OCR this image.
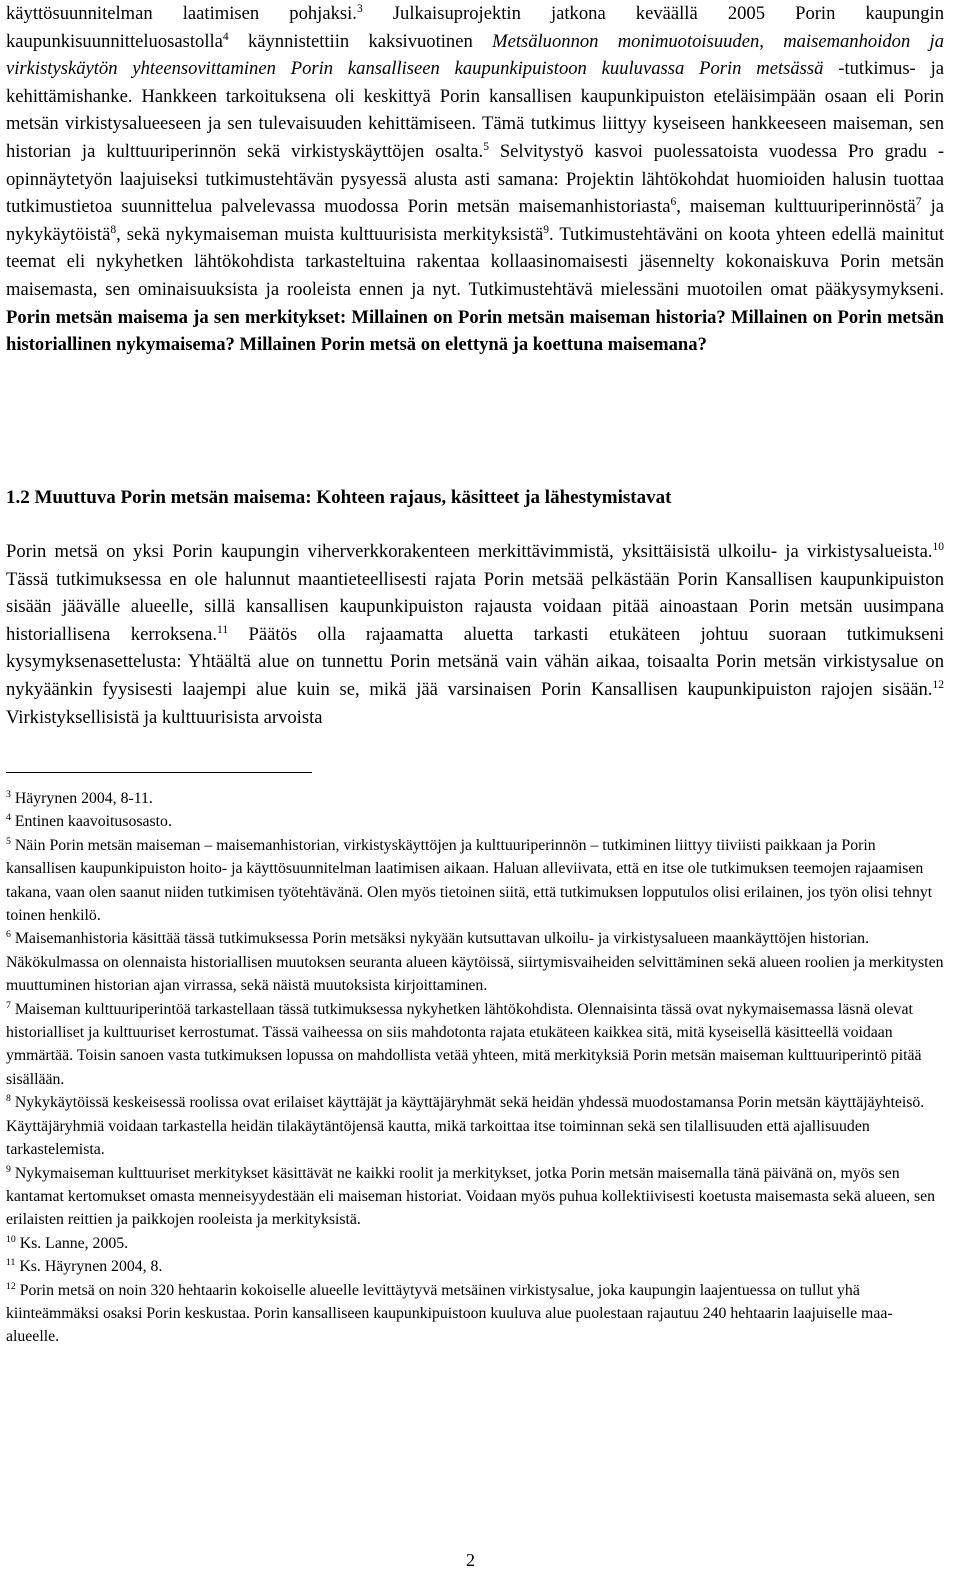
käyttösuunnitelman laatimisen pohjaksi.$^3$ Julkaisuprojektin jatkona keväällä 2005 Porin kaupungin kaupunkisuunnitteluosastolla$^4$ käynnistettiin kaksivuotinen Metsäluonnon monimuotoisuuden, maisemanhoidon ja virkistyskäytön yhteensovittaminen Porin kansalliseen kaupunkipuistoon kuuluvassa Porin metsässä -tutkimus- ja kehittämishanke. Hankkeen tarkoituksena oli keskittyä Porin kansallisen kaupunkipuiston eteläisimpään osaan eli Porin metsän virkistysalueeseen ja sen tulevaisuuden kehittämiseen. Tämä tutkimus liittyy kyseiseen hankkeeseen maiseman, sen historian ja kulttuuriperinnön sekä virkistyskäyttöjen osalta.$^5$ Selvitystyö kasvoi puolessatoista vuodessa Pro gradu -opinnäytetyön laajuiseksi tutkimustehtävän pysyessä alusta asti samana: Projektin lähtökohdat huomioiden halusin tuottaa tutkimustietoa suunnittelua palvelevassa muodossa Porin metsän maisemanhistoriasta$^6$, maiseman kulttuuriperinnöstä$^7$ ja nykykäytöistä$^8$, sekä nykymaiseman muista kulttuurisista merkityksistä$^9$. Tutkimustehtäväni on koota yhteen edellä mainitut teemat eli nykyhetken lähtökohdista tarkasteltuina rakentaa kollaasinomaisesti jäsennelty kokonaiskuva Porin metsän maisemasta, sen ominaisuuksista ja rooleista ennen ja nyt. Tutkimustehtävä mielessäni muotoilen omat pääkysymykseni. Porin metsän maisema ja sen merkitykset: Millainen on Porin metsän maiseman historia? Millainen on Porin metsän historiallinen nykymaisema? Millainen Porin metsä on elettynä ja koettuna maisemana?

1.2 Muuttuva Porin metsän maisema: Kohteen rajaus, käsitteet ja lähestymistavat

Porin metsä on yksi Porin kaupungin viherverkkorakenteen merkittävimmistä, yksittäisistä ulkoilu- ja virkistysalueista.$^{10}$ Tässä tutkimuksessa en ole halunnut maantieteellisesti rajata Porin metsää pelkästään Porin Kansallisen kaupunkipuiston sisään jäävälle alueelle, sillä kansallisen kaupunkipuiston rajausta voidaan pitää ainoastaan Porin metsän uusimpana historiallisena kerroksena.$^{11}$ Päätös olla rajaamatta aluetta tarkasti etukäteen johtuu suoraan tutkimukseni kysymyksenasettelusta: Yhtäältä alue on tunnettu Porin metsänä vain vähän aikaa, toisaalta Porin metsän virkistysalue on nykyäänkin fyysisesti laajempi alue kuin se, mikä jää varsinaisen Porin Kansallisen kaupunkipuiston rajojen sisään.$^{12}$ Virkistyksellisistä ja kulttuurisista arvoista

$^3$ Häyrynen 2004, 8-11.

$^4$ Entinen kaavoitusosasto.

$^5$ Näin Porin metsän maiseman – maisemanhistorian, virkistyskäyttöjen ja kulttuuriperinnön – tutkiminen liittyy tiiviisti paikkaan ja Porin kansallisen kaupunkipuiston hoito- ja käyttösuunnitelman laatimisen aikaan. Haluan alleviivata, että en itse ole tutkimuksen teemojen rajaamisen takana, vaan olen saanut niiden tutkimisen työtehtävänä. Olen myös tietoinen siitä, että tutkimuksen lopputulos olisi erilainen, jos työn olisi tehnyt toinen henkilö.

$^6$ Maisemanhistoria käsittää tässä tutkimuksessa Porin metsäksi nykyään kutsuttavan ulkoilu- ja virkistysalueen maankäyttöjen historian. Näkökulmassa on olennaista historiallisen muutoksen seuranta alueen käytöissä, siirtymisvaiheiden selvittäminen sekä alueen roolien ja merkitysten muuttuminen historian ajan virrassa, sekä näistä muutoksista kirjoittaminen.

$^7$ Maiseman kulttuuriperintöä tarkastellaan tässä tutkimuksessa nykyhetken lähtökohdista. Olennaisinta tässä ovat nykymaisemassa läsnä olevat historialliset ja kulttuuriset kerrostumat. Tässä vaiheessa on siis mahdotonta rajata etukäteen kaikkea sitä, mitä kyseisellä käsitteellä voidaan ymmärtää. Toisin sanoen vasta tutkimuksen lopussa on mahdollista vetää yhteen, mitä merkityksiä Porin metsän maiseman kulttuuriperintö pitää sisällään.

$^8$ Nykykäytöissä keskeisessä roolissa ovat erilaiset käyttäjät ja käyttäjäryhmät sekä heidän yhdessä muodostamansa Porin metsän käyttäjäyhteisö. Käyttäjäryhmiä voidaan tarkastella heidän tilakäytäntöjensä kautta, mikä tarkoittaa itse toiminnan sekä sen tilallisuuden että ajallisuuden tarkastelemista.

$^9$ Nykymaiseman kulttuuriset merkitykset käsittävät ne kaikki roolit ja merkitykset, jotka Porin metsän maisemalla tänä päivänä on, myös sen kantamat kertomukset omasta menneisyydestään eli maiseman historiat. Voidaan myös puhua kollektiivisesti koetusta maisemasta sekä alueen, sen erilaisten reittien ja paikkojen rooleista ja merkityksistä.

$^{10}$ Ks. Lanne, 2005.

$^{11}$ Ks. Häyrynen 2004, 8.

$^{12}$ Porin metsä on noin 320 hehtaarin kokoiselle alueelle levittäytyvä metsäinen virkistysalue, joka kaupungin laajentuessa on tullut yhä kiinteämmäksi osaksi Porin keskustaa. Porin kansalliseen kaupunkipuistoon kuuluva alue puolestaan rajautuu 240 hehtaarin laajuiselle maa-alueelle.

2
